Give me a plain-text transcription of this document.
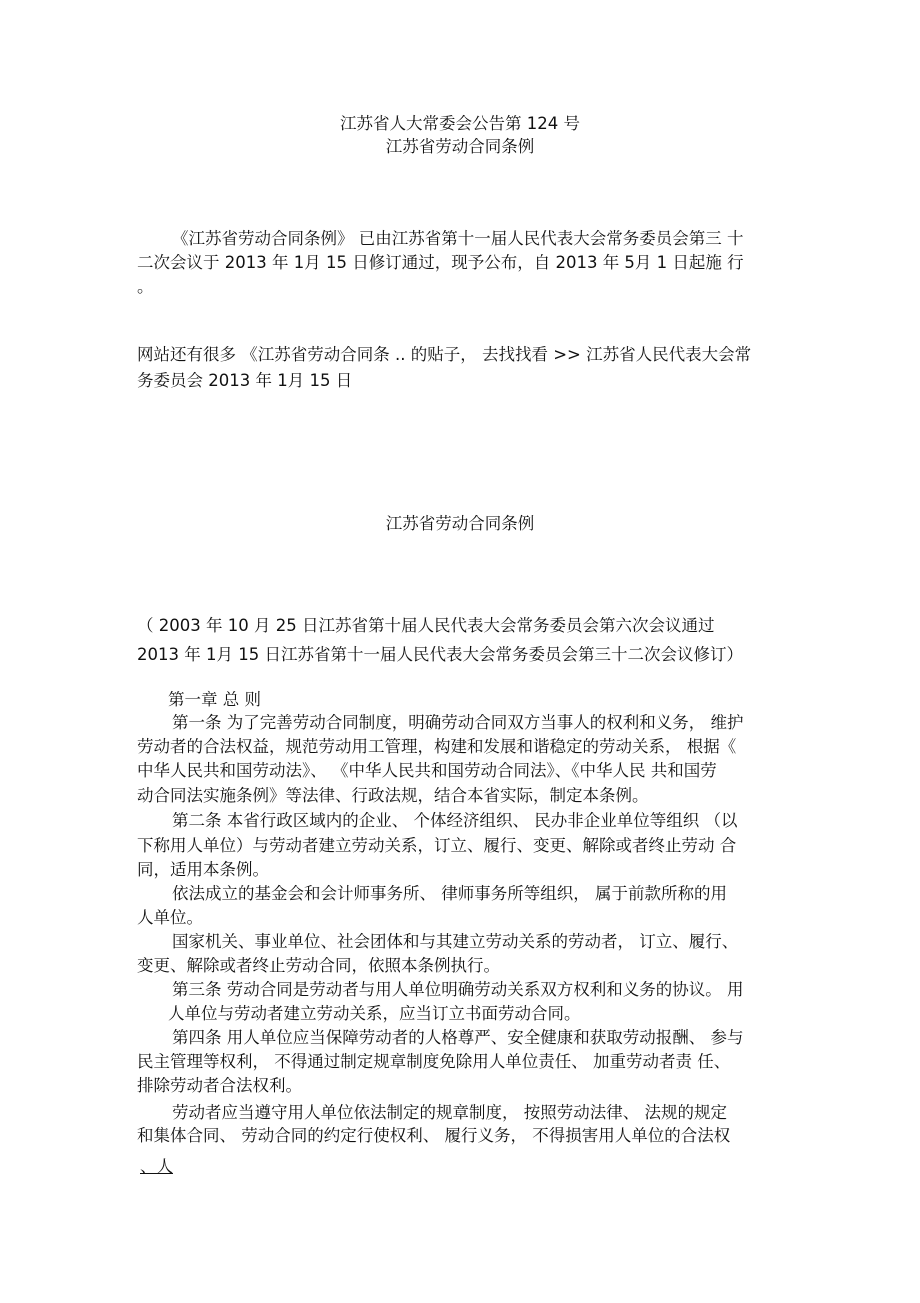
江苏省人大常委会公告第 124 号
江苏省劳动合同条例
《江苏省劳动合同条例》 已由江苏省第十一届人民代表大会常务委员会第三 十
二次会议于 2013 年 1月 15 日修订通过，现予公布，自 2013 年 5月 1 日起施 行
。
网站还有很多 《江苏省劳动合同条 .. 的贴子， 去找找看 >> 江苏省人民代表大会常
务委员会 2013 年 1月 15 日
江苏省劳动合同条例
（ 2003 年 10 月 25 日江苏省第十届人民代表大会常务委员会第六次会议通过
2013 年 1月 15 日江苏省第十一届人民代表大会常务委员会第三十二次会议修订）
第一章 总 则
第一条 为了完善劳动合同制度，明确劳动合同双方当事人的权利和义务， 维护
劳动者的合法权益，规范劳动用工管理，构建和发展和谐稳定的劳动关系， 根据《
中华人民共和国劳动法》、 《中华人民共和国劳动合同法》、《中华人民 共和国劳
动合同法实施条例》等法律、行政法规，结合本省实际，制定本条例。
第二条 本省行政区域内的企业、 个体经济组织、 民办非企业单位等组织 （以
下称用人单位）与劳动者建立劳动关系，订立、履行、变更、解除或者终止劳动 合
同，适用本条例。
依法成立的基金会和会计师事务所、 律师事务所等组织， 属于前款所称的用
人单位。
国家机关、事业单位、社会团体和与其建立劳动关系的劳动者， 订立、履行、
变更、解除或者终止劳动合同，依照本条例执行。
第三条 劳动合同是劳动者与用人单位明确劳动关系双方权利和义务的协议。 用
人单位与劳动者建立劳动关系，应当订立书面劳动合同。
第四条 用人单位应当保障劳动者的人格尊严、安全健康和获取劳动报酬、 参与
民主管理等权利， 不得通过制定规章制度免除用人单位责任、 加重劳动者责 任、
排除劳动者合法权利。
劳动者应当遵守用人单位依法制定的规章制度， 按照劳动法律、 法规的规定
和集体合同、 劳动合同的约定行使权利、 履行义务， 不得损害用人单位的合法权
、人
